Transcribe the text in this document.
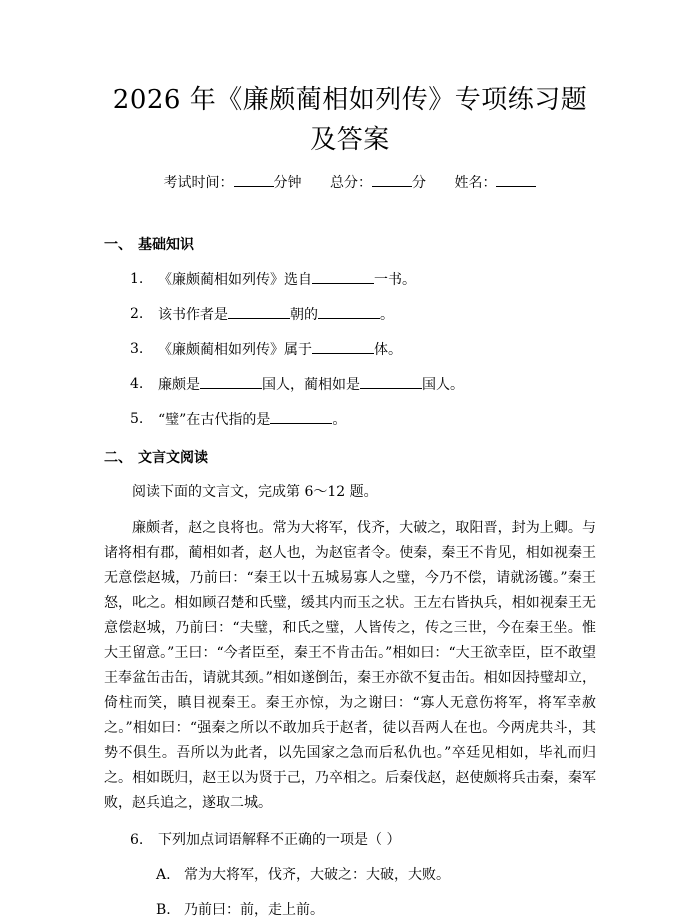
2026 年《廉颇蔺相如列传》专项练习题及答案
考试时间：	分钟 总分：	分 姓名：
一、 基础知识
1.	《廉颇蔺相如列传》选自	一书。
2.	该书作者是	朝的	。
3.	《廉颇蔺相如列传》属于	体。
4.	廉颇是	国人，蔺相如是	国人。
5.	“璧”在古代指的是	。
二、 文言文阅读

阅读下面的文言文，完成第 6～12 题。

廉颇者，赵之良将也。常为大将军，伐齐，大破之，取阳晋，封为上卿。与诸将相有郡，蔺相如者，赵人也，为赵宦者令。使秦，秦王不肯见，相如视秦王无意偿赵城，乃前曰：“秦王以十五城易寡人之璧，今乃不偿，请就汤镬。”秦王怒，叱之。相如顾召楚和氏璧，缓其内而玉之状。王左右皆执兵，相如视秦王无意偿赵城，乃前曰：“夫璧，和氏之璧，人皆传之，传之三世，今在秦王坐。惟大王留意。”王曰：“今者臣至，秦王不肯击缶。”相如曰：“大王欲幸臣，臣不敢望王奉盆缶击缶，请就其颈。”相如遂倒缶，秦王亦欲不复击缶。相如因持璧却立，倚柱而笑，瞋目视秦王。秦王亦惊，为之谢曰：“寡人无意伤将军，将军幸赦之。”相如曰：“强秦之所以不敢加兵于赵者，徒以吾两人在也。今两虎共斗，其势不俱生。吾所以为此者，以先国家之急而后私仇也。”卒廷见相如，毕礼而归之。相如既归，赵王以为贤于己，乃卒相之。后秦伐赵，赵使颇将兵击秦，秦军败，赵兵追之，遂取二城。

6.	下列加点词语解释不正确的一项是（ ）
A. 常为大将军，伐齐，大破之：大破，大败。
B. 乃前曰：前，走上前。
